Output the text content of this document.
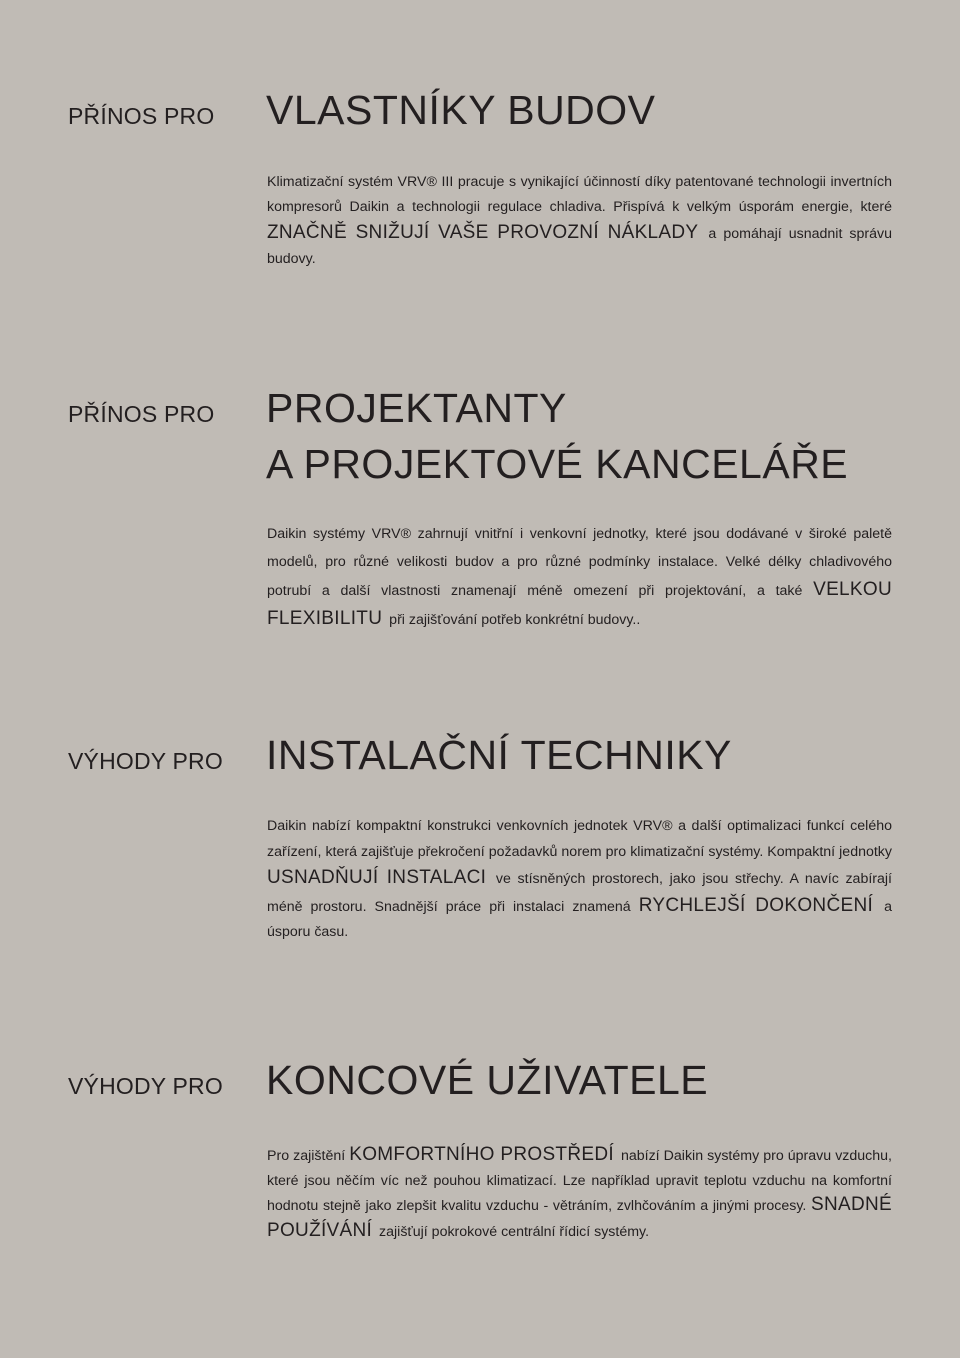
PŘÍNOS PRO VLASTNÍKY BUDOV

Klimatizační systém VRV® III pracuje s vynikající účinností díky patentované technologii invertních kompresorů Daikin a technologii regulace chladiva. Přispívá k velkým úsporám energie, které ZNAČNĚ SNIŽUJÍ VAŠE PROVOZNÍ NÁKLADY a pomáhají usnadnit správu budovy.

PŘÍNOS PRO PROJEKTANTY
A PROJEKTOVÉ KANCELÁŘE

Daikin systémy VRV® zahrnují vnitřní i venkovní jednotky, které jsou dodávané v široké paletě modelů, pro různé velikosti budov a pro různé podmínky instalace. Velké délky chladivového potrubí a další vlastnosti znamenají méně omezení při projektování, a také VELKOU FLEXIBILITU při zajišťování potřeb konkrétní budovy..

VÝHODY PRO INSTALAČNÍ TECHNIKY

Daikin nabízí kompaktní konstrukci venkovních jednotek VRV® a další optimalizaci funkcí celého zařízení, která zajišťuje překročení požadavků norem pro klimatizační systémy. Kompaktní jednotky USNADŇUJÍ INSTALACI ve stísněných prostorech, jako jsou střechy. A navíc zabírají méně prostoru. Snadnější práce při instalaci znamená RYCHLEJŠÍ DOKONČENÍ a úsporu času.

VÝHODY PRO KONCOVÉ UŽIVATELE

Pro zajištění KOMFORTNÍHO PROSTŘEDÍ nabízí Daikin systémy pro úpravu vzduchu, které jsou něčím víc než pouhou klimatizací. Lze například upravit teplotu vzduchu na komfortní hodnotu stejně jako zlepšit kvalitu vzduchu - větráním, zvlhčováním a jinými procesy. SNADNÉ POUŽÍVÁNÍ zajišťují pokrokové centrální řídicí systémy.
